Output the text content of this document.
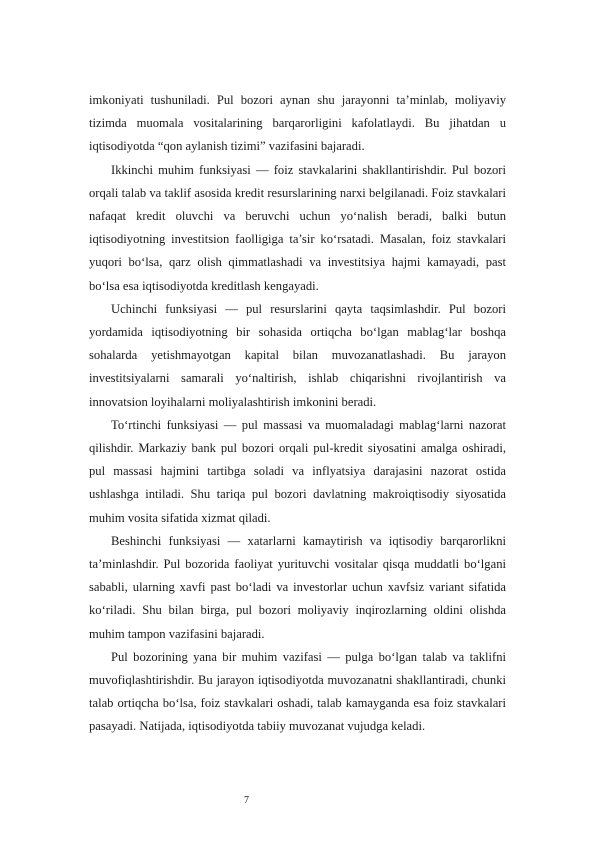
imkoniyati tushuniladi. Pul bozori aynan shu jarayonni ta’minlab, moliyaviy tizimda muomala vositalarining barqarorligini kafolatlaydi. Bu jihatdan u iqtisodiyotda “qon aylanish tizimi” vazifasini bajaradi.

Ikkinchi muhim funksiyasi — foiz stavkalarini shakllantirishdir. Pul bozori orqali talab va taklif asosida kredit resurslarining narxi belgilanadi. Foiz stavkalari nafaqat kredit oluvchi va beruvchi uchun yo‘nalish beradi, balki butun iqtisodiyotning investitsion faolligiga ta’sir ko‘rsatadi. Masalan, foiz stavkalari yuqori bo‘lsa, qarz olish qimmatlashadi va investitsiya hajmi kamayadi, past bo‘lsa esa iqtisodiyotda kreditlash kengayadi.

Uchinchi funksiyasi — pul resurslarini qayta taqsimlashdir. Pul bozori yordamida iqtisodiyotning bir sohasida ortiqcha bo‘lgan mablag‘lar boshqa sohalarda yetishmayotgan kapital bilan muvozanatlashadi. Bu jarayon investitsiyalarni samarali yo‘naltirish, ishlab chiqarishni rivojlantirish va innovatsion loyihalarni moliyalashtirish imkonini beradi.

To‘rtinchi funksiyasi — pul massasi va muomaladagi mablag‘larni nazorat qilishdir. Markaziy bank pul bozori orqali pul-kredit siyosatini amalga oshiradi, pul massasi hajmini tartibga soladi va inflyatsiya darajasini nazorat ostida ushlashga intiladi. Shu tariqa pul bozori davlatning makroiqtisodiy siyosatida muhim vosita sifatida xizmat qiladi.

Beshinchi funksiyasi — xatarlarni kamaytirish va iqtisodiy barqarorlikni ta’minlashdir. Pul bozorida faoliyat yurituvchi vositalar qisqa muddatli bo‘lgani sababli, ularning xavfi past bo‘ladi va investorlar uchun xavfsiz variant sifatida ko‘riladi. Shu bilan birga, pul bozori moliyaviy inqirozlarning oldini olishda muhim tampon vazifasini bajaradi.

Pul bozorining yana bir muhim vazifasi — pulga bo‘lgan talab va taklifni muvofiqlashtirishdir. Bu jarayon iqtisodiyotda muvozanatni shakllantiradi, chunki talab ortiqcha bo‘lsa, foiz stavkalari oshadi, talab kamayganda esa foiz stavkalari pasayadi. Natijada, iqtisodiyotda tabiiy muvozanat vujudga keladi.

7
